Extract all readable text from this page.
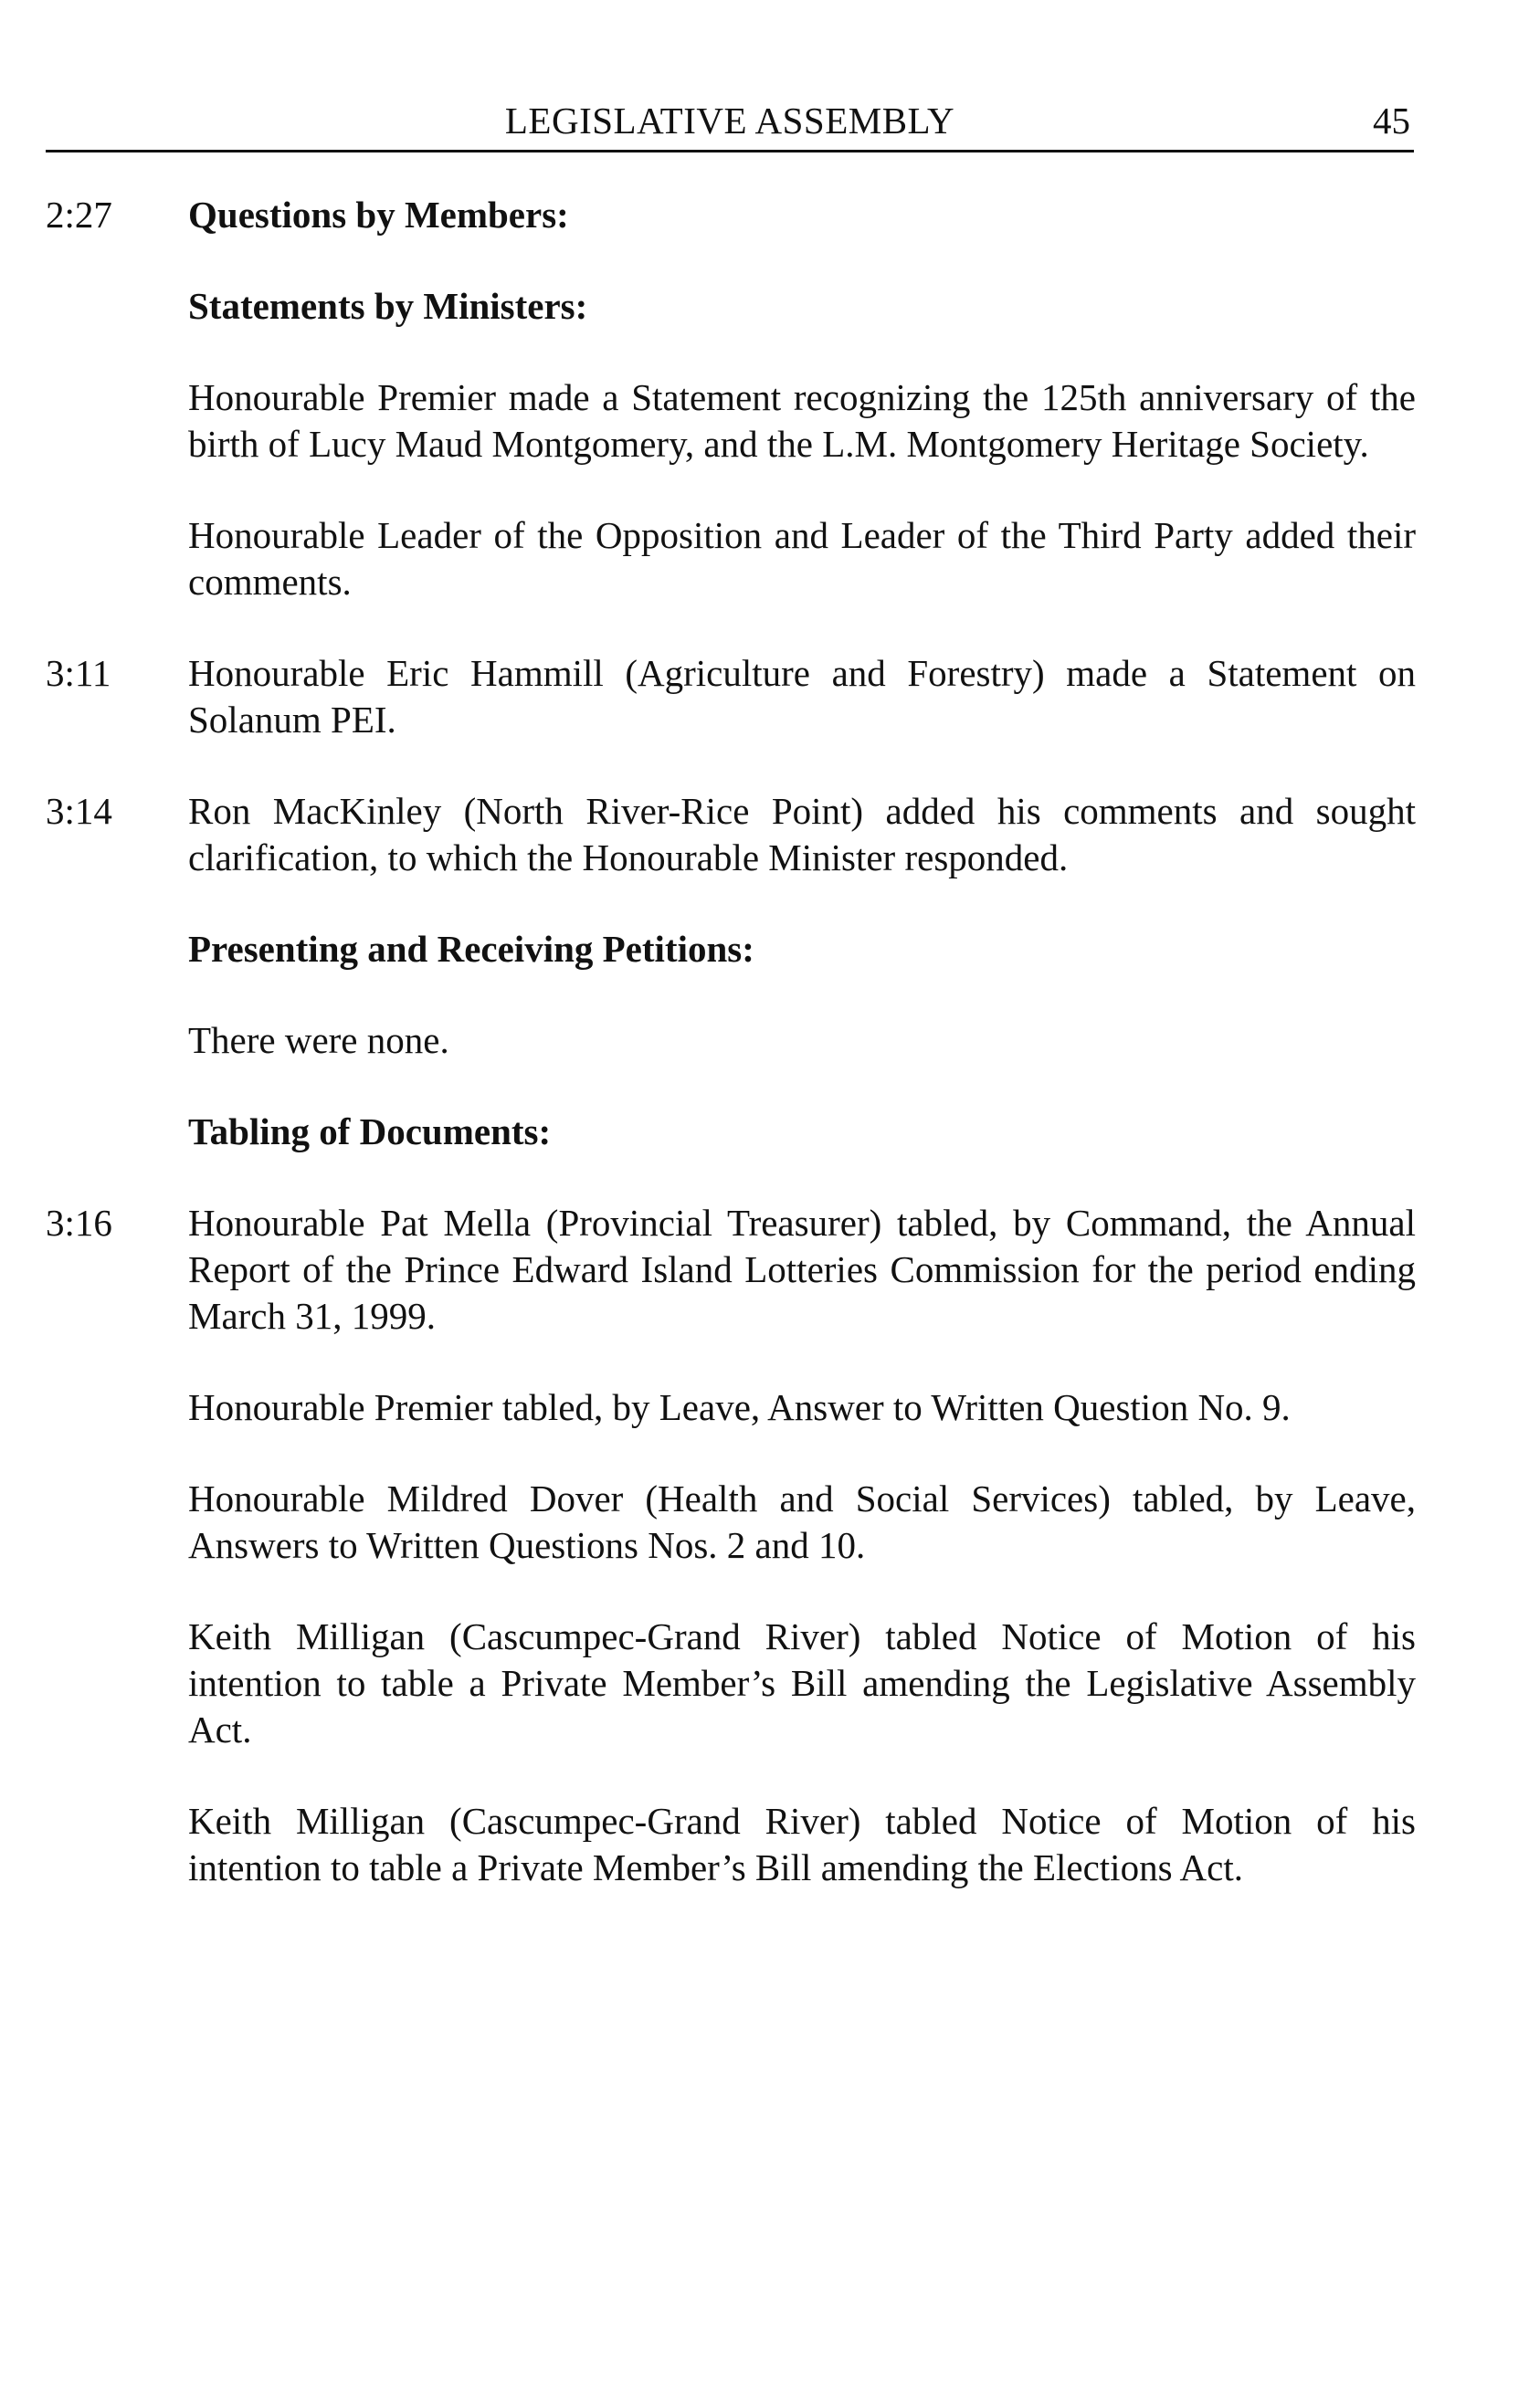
LEGISLATIVE ASSEMBLY	45
2:27 Questions by Members:
Statements by Ministers:
Honourable Premier made a Statement recognizing the 125th anniversary of the birth of Lucy Maud Montgomery, and the L.M. Montgomery Heritage Society.
Honourable Leader of the Opposition and Leader of the Third Party added their comments.
3:11 Honourable Eric Hammill (Agriculture and Forestry) made a Statement on Solanum PEI.
3:14 Ron MacKinley (North River-Rice Point) added his comments and sought clarification, to which the Honourable Minister responded.
Presenting and Receiving Petitions:
There were none.
Tabling of Documents:
3:16 Honourable Pat Mella (Provincial Treasurer) tabled, by Command, the Annual Report of the Prince Edward Island Lotteries Commission for the period ending March 31, 1999.
Honourable Premier tabled, by Leave, Answer to Written Question No. 9.
Honourable Mildred Dover (Health and Social Services) tabled, by Leave, Answers to Written Questions Nos. 2 and 10.
Keith Milligan (Cascumpec-Grand River) tabled Notice of Motion of his intention to table a Private Member’s Bill amending the Legislative Assembly Act.
Keith Milligan (Cascumpec-Grand River) tabled Notice of Motion of his intention to table a Private Member’s Bill amending the Elections Act.
